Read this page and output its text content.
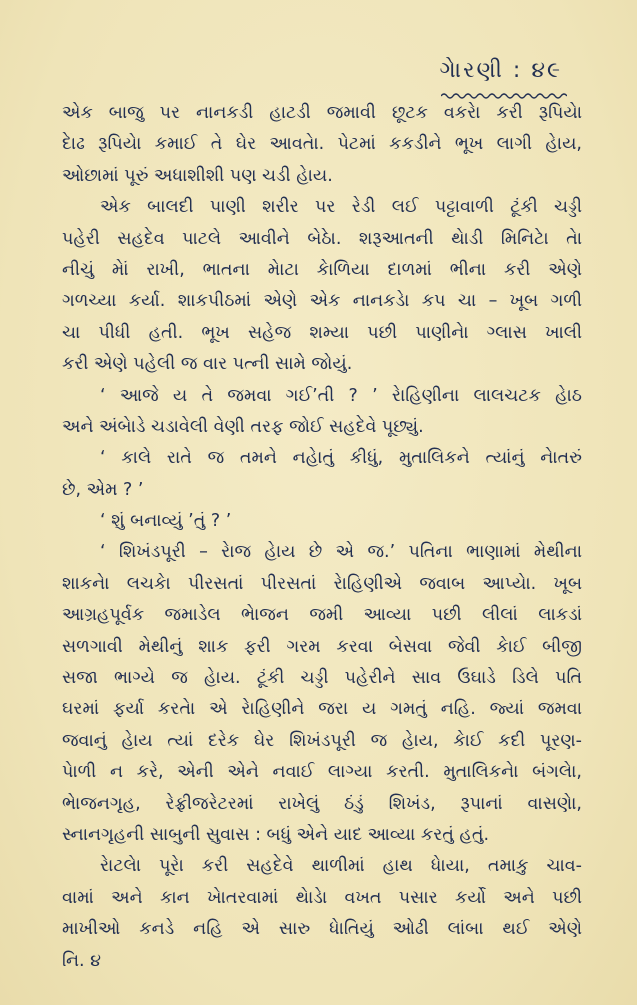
ગેારણી : ૪૯
એક બાજુ પર નાનકડી હાટડી જમાવી છૂટક વકરેા કરી રૂપિયેા
દેાઢ રૂપિયેા કમાઈ તે ઘેર આવતેા. પેટમાં કકડીને ભૂખ લાગી હેાય,
ઓછામાં પૂરું અધાશીશી પણ ચડી હેાય.
એક બાલદી પાણી શરીર પર રેડી લઈ પટ્ટાવાળી ટૂંકી ચડ્ડી
પહેરી સહદેવ પાટલે આવીને બેઠેા. શરૂઆતની થેાડી મિનિટેા તેા
નીચું મેાં રાખી, ભાતના મેાટા કેાળિયા દાળમાં ભીના કરી એણે
ગળચ્યા કર્યા. શાકપીઠમાં એણે એક નાનકડેા કપ ચા – ખૂબ ગળી
ચા પીધી હતી. ભૂખ સહેજ શમ્યા પછી પાણીનેા ગ્લાસ ખાલી
કરી એણે પહેલી જ વાર પત્ની સામે જોયું.
‘ આજે ય તે જમવા ગઈ’તી ? ’ રેાહિણીના લાલચટક હેાઠ
અને અંબેાડે ચડાવેલી વેણી તરફ જોઈ સહદેવે પૂછ્યું.
‘ કાલે રાતે જ તમને નહેાતું કીધું, મુતાલિકને ત્યાંનું નેાતરું
છે, એમ ? ’
‘ શું બનાવ્યું ’તું ? ’
‘ શિખંડપૂરી – રેાજ હેાય છે એ જ.’ પતિના ભાણામાં મેથીના
શાકનેા લચકેા પીરસતાં પીરસતાં રેાહિણીએ જવાબ આપ્યેા. ખૂબ
આગ્રહપૂર્વક જમાડેલ ભેાજન જમી આવ્યા પછી લીલાં લાકડાં
સળગાવી મેથીનું શાક ફરી ગરમ કરવા બેસવા જેવી કેાઈ બીજી
સજા ભાગ્યે જ હેાય. ટૂંકી ચડ્ડી પહેરીને સાવ ઉઘાડે ડિલે પતિ
ઘરમાં ફર્યા કરતેા એ રેાહિણીને જરા ય ગમતું નહિ. જ્યાં જમવા
જવાનું હેાય ત્યાં દરેક ઘેર શિખંડપૂરી જ હેાય, કેાઈ કદી પૂરણ-
પેાળી ન કરે, એની એને નવાઈ લાગ્યા કરતી. મુતાલિકનેા બંગલેા,
ભેાજનગૃહ, રેફ્રીજરેટરમાં રાખેલું ઠંડું શિખંડ, રૂપાનાં વાસણેા,
સ્નાનગૃહની સાબુની સુવાસ : બધું એને યાદ આવ્યા કરતું હતું.
રેાટલેા પૂરેા કરી સહદેવે થાળીમાં હાથ ધેાયા, તમાકુ ચાવ-
વામાં અને કાન ખેાતરવામાં થેાડેા વખત પસાર કર્યો અને પછી
માખીઓ કનડે નહિ એ સારુ ધેાતિયું ઓઢી લાંબા થઈ એણે
નિ. ૪
